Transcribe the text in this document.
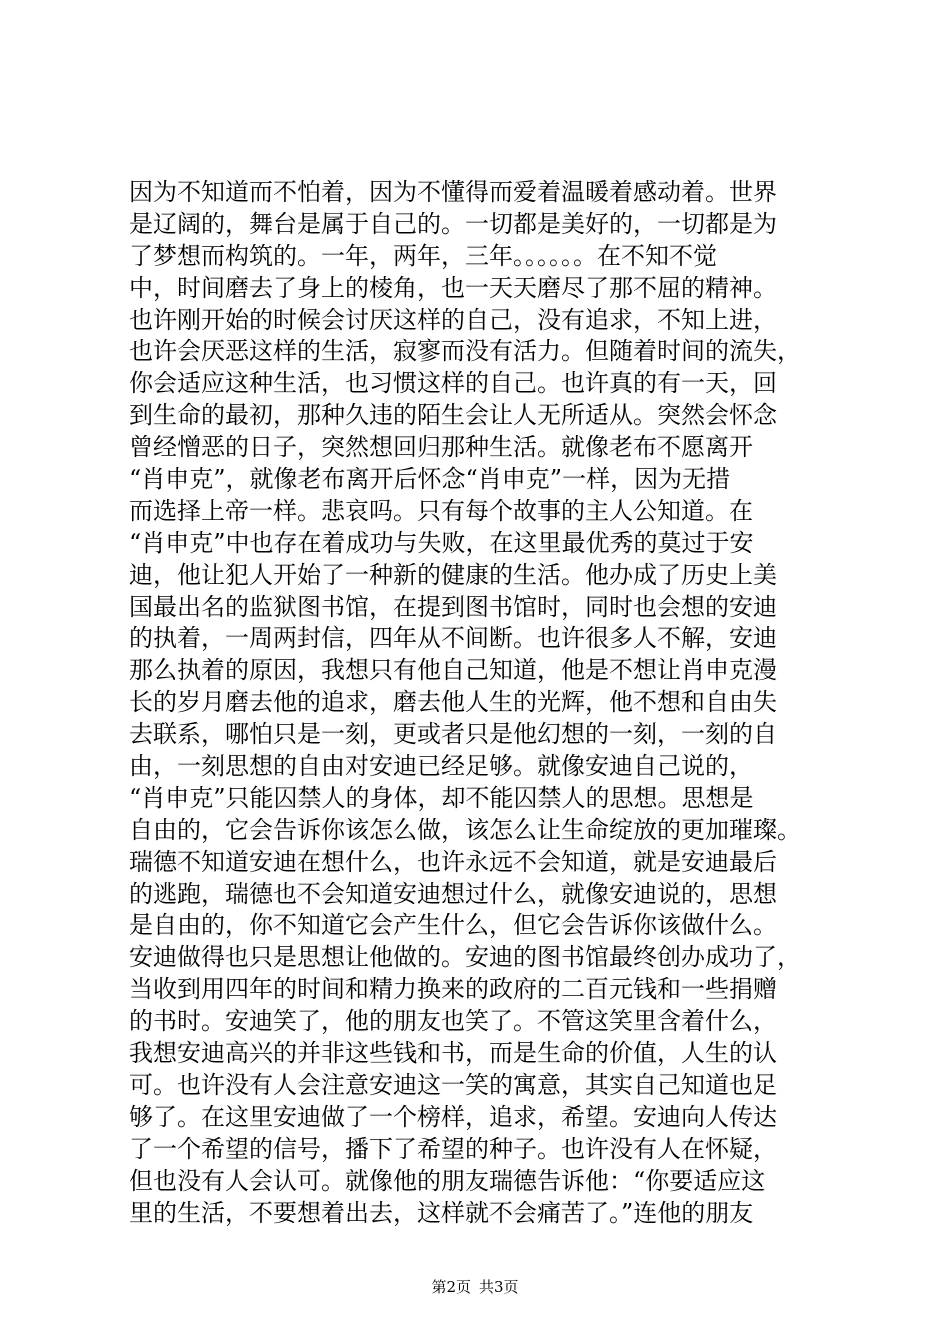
因为不知道而不怕着，因为不懂得而爱着温暖着感动着。世界
是辽阔的，舞台是属于自己的。一切都是美好的，一切都是为
了梦想而构筑的。一年，两年，三年。。。。。。在不知不觉
中，时间磨去了身上的棱角，也一天天磨尽了那不屈的精神。
也许刚开始的时候会讨厌这样的自己，没有追求，不知上进，
也许会厌恶这样的生活，寂寥而没有活力。但随着时间的流失，
你会适应这种生活，也习惯这样的自己。也许真的有一天，回
到生命的最初，那种久违的陌生会让人无所适从。突然会怀念
曾经憎恶的日子，突然想回归那种生活。就像老布不愿离开
“肖申克”，就像老布离开后怀念“肖申克”一样，因为无措
而选择上帝一样。悲哀吗。只有每个故事的主人公知道。在
“肖申克”中也存在着成功与失败，在这里最优秀的莫过于安
迪，他让犯人开始了一种新的健康的生活。他办成了历史上美
国最出名的监狱图书馆，在提到图书馆时，同时也会想的安迪
的执着，一周两封信，四年从不间断。也许很多人不解，安迪
那么执着的原因，我想只有他自己知道，他是不想让肖申克漫
长的岁月磨去他的追求，磨去他人生的光辉，他不想和自由失
去联系，哪怕只是一刻，更或者只是他幻想的一刻，一刻的自
由，一刻思想的自由对安迪已经足够。就像安迪自己说的，
“肖申克”只能囚禁人的身体，却不能囚禁人的思想。思想是
自由的，它会告诉你该怎么做，该怎么让生命绽放的更加璀璨。
瑞德不知道安迪在想什么，也许永远不会知道，就是安迪最后
的逃跑，瑞德也不会知道安迪想过什么，就像安迪说的，思想
是自由的，你不知道它会产生什么，但它会告诉你该做什么。
安迪做得也只是思想让他做的。安迪的图书馆最终创办成功了，
当收到用四年的时间和精力换来的政府的二百元钱和一些捐赠
的书时。安迪笑了，他的朋友也笑了。不管这笑里含着什么，
我想安迪高兴的并非这些钱和书，而是生命的价值，人生的认
可。也许没有人会注意安迪这一笑的寓意，其实自己知道也足
够了。在这里安迪做了一个榜样，追求，希望。安迪向人传达
了一个希望的信号，播下了希望的种子。也许没有人在怀疑，
但也没有人会认可。就像他的朋友瑞德告诉他：“你要适应这
里的生活，不要想着出去，这样就不会痛苦了。”连他的朋友
第2页 共3页
